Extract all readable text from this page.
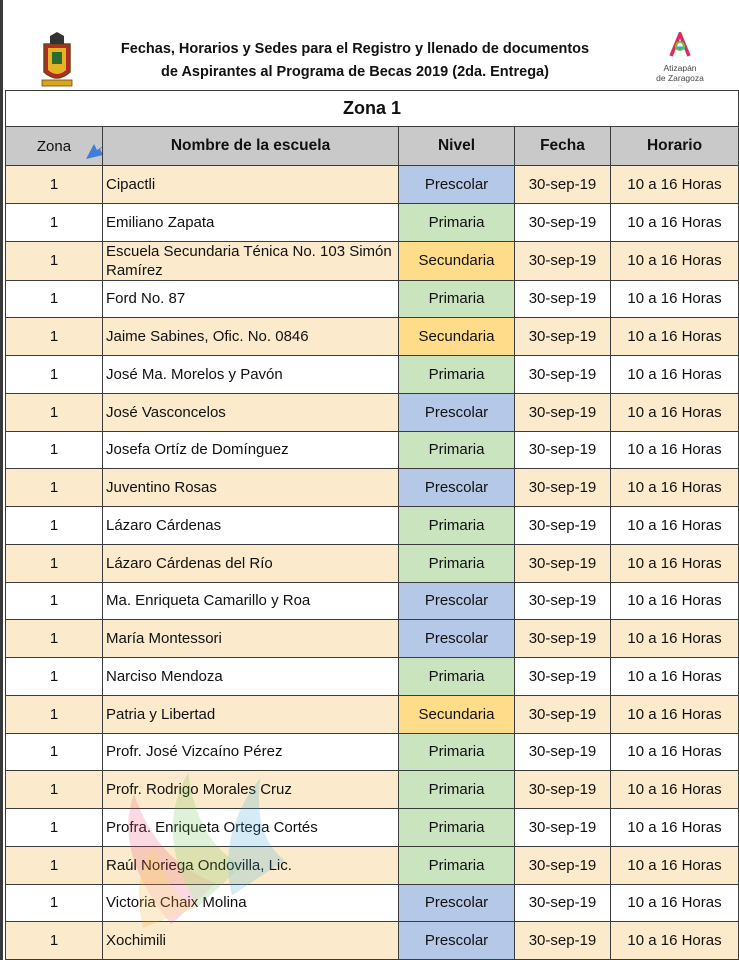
Fechas, Horarios y Sedes para el Registro y llenado de documentos
de Aspirantes al Programa de Becas 2019 (2da. Entrega)	Atizapán
de Zaragoza
—
Zona 1				
Zona	Nombre de la escuela	Nivel	Fecha	Horario
1	Cipactli	Prescolar	30-sep-19	10 a 16 Horas
1	Emiliano Zapata	Primaria	30-sep-19	10 a 16 Horas
1	Escuela Secundaria Ténica No. 103 Simón Ramírez	Secundaria	30-sep-19	10 a 16 Horas
1	Ford No. 87	Primaria	30-sep-19	10 a 16 Horas
1	Jaime Sabines, Ofic. No. 0846	Secundaria	30-sep-19	10 a 16 Horas
1	José Ma. Morelos y Pavón	Primaria	30-sep-19	10 a 16 Horas
1	José Vasconcelos	Prescolar	30-sep-19	10 a 16 Horas
1	Josefa Ortíz de Domínguez	Primaria	30-sep-19	10 a 16 Horas
1	Juventino Rosas	Prescolar	30-sep-19	10 a 16 Horas
1	Lázaro Cárdenas	Primaria	30-sep-19	10 a 16 Horas
1	Lázaro Cárdenas del Río	Primaria	30-sep-19	10 a 16 Horas
1	Ma. Enriqueta Camarillo y Roa	Prescolar	30-sep-19	10 a 16 Horas
1	María Montessori	Prescolar	30-sep-19	10 a 16 Horas
1	Narciso Mendoza	Primaria	30-sep-19	10 a 16 Horas
1	Patria y Libertad	Secundaria	30-sep-19	10 a 16 Horas
1	Profr. José Vizcaíno Pérez	Primaria	30-sep-19	10 a 16 Horas
1	Profr. Rodrigo Morales Cruz	Primaria	30-sep-19	10 a 16 Horas
1	Profra. Enriqueta Ortega Cortés	Primaria	30-sep-19	10 a 16 Horas
1	Raúl Noriega Ondovilla, Lic.	Primaria	30-sep-19	10 a 16 Horas
1	Victoria Chaix Molina	Prescolar	30-sep-19	10 a 16 Horas
1	Xochimili	Prescolar	30-sep-19	10 a 16 Horas
